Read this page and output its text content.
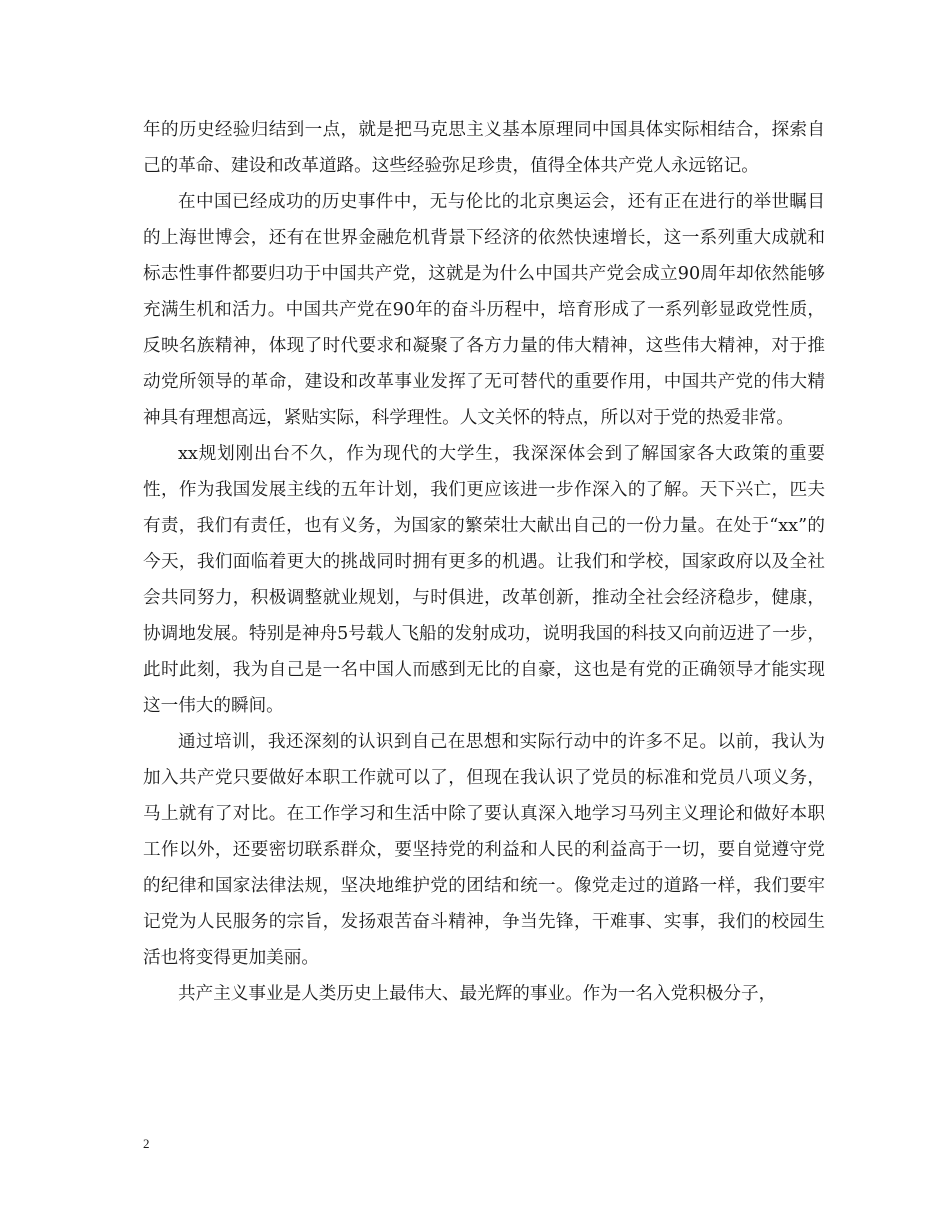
年的历史经验归结到一点，就是把马克思主义基本原理同中国具体实际相结合，探索自己的革命、建设和改革道路。这些经验弥足珍贵，值得全体共产党人永远铭记。

在中国已经成功的历史事件中，无与伦比的北京奥运会，还有正在进行的举世瞩目的上海世博会，还有在世界金融危机背景下经济的依然快速增长，这一系列重大成就和标志性事件都要归功于中国共产党，这就是为什么中国共产党会成立90周年却依然能够充满生机和活力。中国共产党在90年的奋斗历程中，培育形成了一系列彰显政党性质，反映名族精神，体现了时代要求和凝聚了各方力量的伟大精神，这些伟大精神，对于推动党所领导的革命，建设和改革事业发挥了无可替代的重要作用，中国共产党的伟大精神具有理想高远，紧贴实际，科学理性。人文关怀的特点，所以对于党的热爱非常。

xx规划刚出台不久，作为现代的大学生，我深深体会到了解国家各大政策的重要性，作为我国发展主线的五年计划，我们更应该进一步作深入的了解。天下兴亡，匹夫有责，我们有责任，也有义务，为国家的繁荣壮大献出自己的一份力量。在处于“xx”的今天，我们面临着更大的挑战同时拥有更多的机遇。让我们和学校，国家政府以及全社会共同努力，积极调整就业规划，与时俱进，改革创新，推动全社会经济稳步，健康，协调地发展。特别是神舟5号载人飞船的发射成功，说明我国的科技又向前迈进了一步，此时此刻，我为自己是一名中国人而感到无比的自豪，这也是有党的正确领导才能实现这一伟大的瞬间。

通过培训，我还深刻的认识到自己在思想和实际行动中的许多不足。以前，我认为加入共产党只要做好本职工作就可以了，但现在我认识了党员的标准和党员八项义务，马上就有了对比。在工作学习和生活中除了要认真深入地学习马列主义理论和做好本职工作以外，还要密切联系群众，要坚持党的利益和人民的利益高于一切，要自觉遵守党的纪律和国家法律法规，坚决地维护党的团结和统一。像党走过的道路一样，我们要牢记党为人民服务的宗旨，发扬艰苦奋斗精神，争当先锋，干难事、实事，我们的校园生活也将变得更加美丽。

共产主义事业是人类历史上最伟大、最光辉的事业。作为一名入党积极分子，

2
